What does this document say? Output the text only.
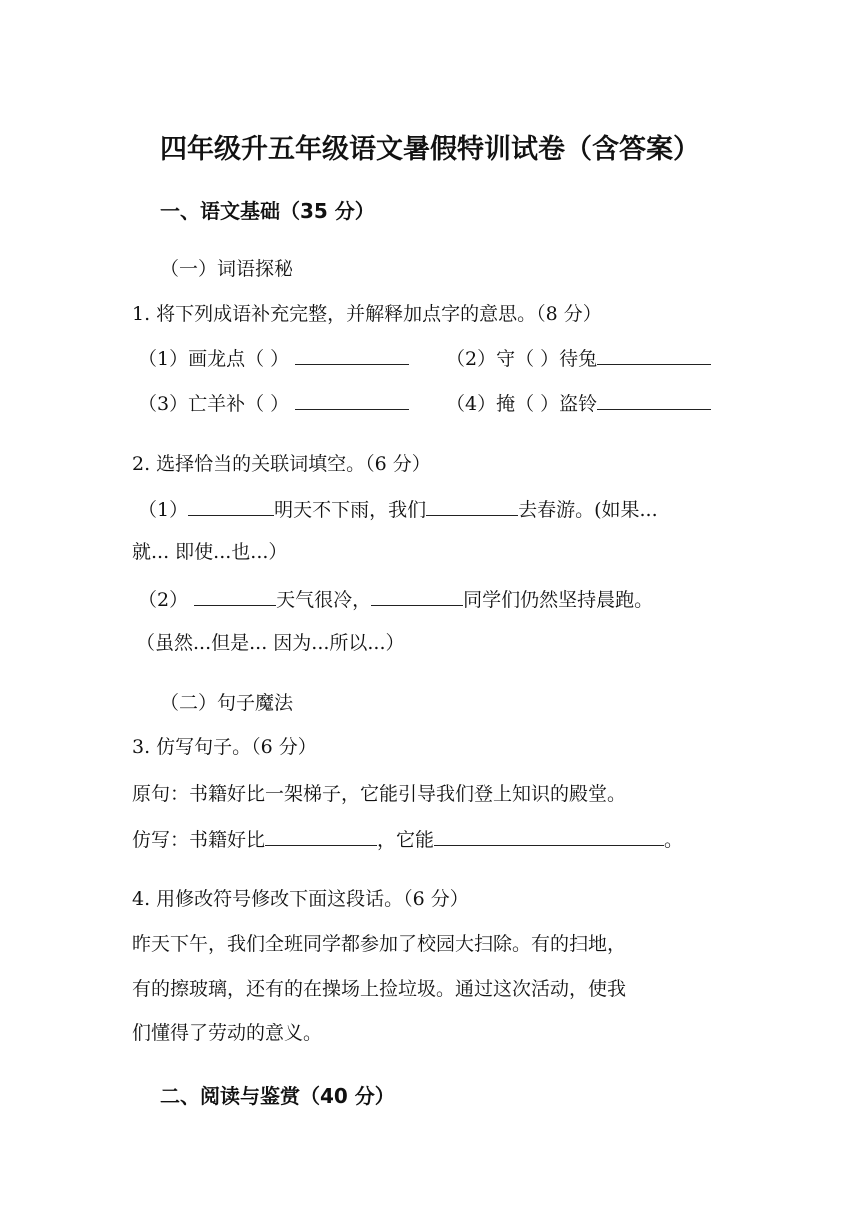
四年级升五年级语文暑假特训试卷（含答案）
一、语文基础（35 分）
（一）词语探秘
1. 将下列成语补充完整，并解释加点字的意思。（8 分）
（1）画龙点（ ）	（2）守（ ）待兔
（3）亡羊补（ ）	（4）掩（ ）盗铃
2. 选择恰当的关联词填空。（6 分）
（1）	明天不下雨，我们	去春游。(如果...
就... 即使...也...）
（2）	天气很冷，	同学们仍然坚持晨跑。
（虽然...但是... 因为...所以...）
（二）句子魔法
3. 仿写句子。（6 分）
原句：书籍好比一架梯子，它能引导我们登上知识的殿堂。
仿写：书籍好比	，它能	。
4. 用修改符号修改下面这段话。（6 分）
昨天下午，我们全班同学都参加了校园大扫除。有的扫地，
有的擦玻璃，还有的在操场上捡垃圾。通过这次活动，使我
们懂得了劳动的意义。
二、阅读与鉴赏（40 分）
